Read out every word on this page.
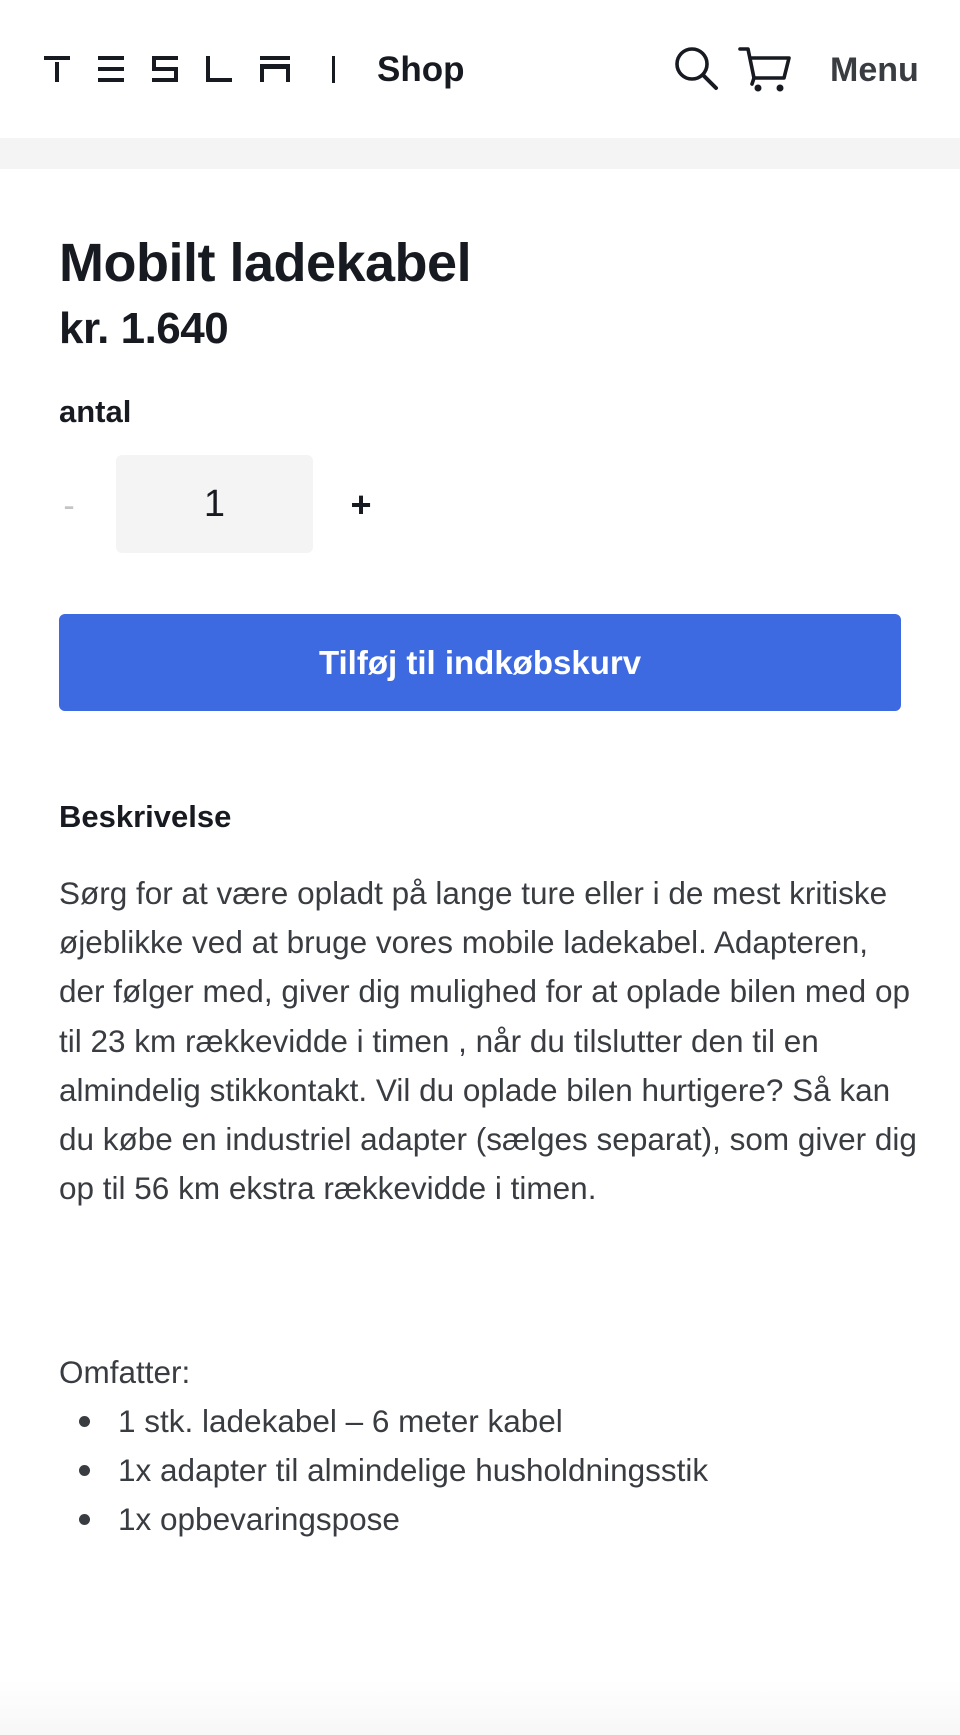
Shop	Menu
Mobilt ladekabel
kr. 1.640
antal
-	1	+
Tilføj til indkøbskurv
Beskrivelse

Sørg for at være opladt på lange ture eller i de mest kritiske øjeblikke ved at bruge vores mobile ladekabel. Adapteren, der følger med, giver dig mulighed for at oplade bilen med op til 23 km rækkevidde i timen , når du tilslutter den til en almindelig stikkontakt. Vil du oplade bilen hurtigere? Så kan du købe en industriel adapter (sælges separat), som giver dig op til 56 km ekstra rækkevidde i timen.

Omfatter:

1 stk. ladekabel – 6 meter kabel
1x adapter til almindelige husholdningsstik
1x opbevaringspose
